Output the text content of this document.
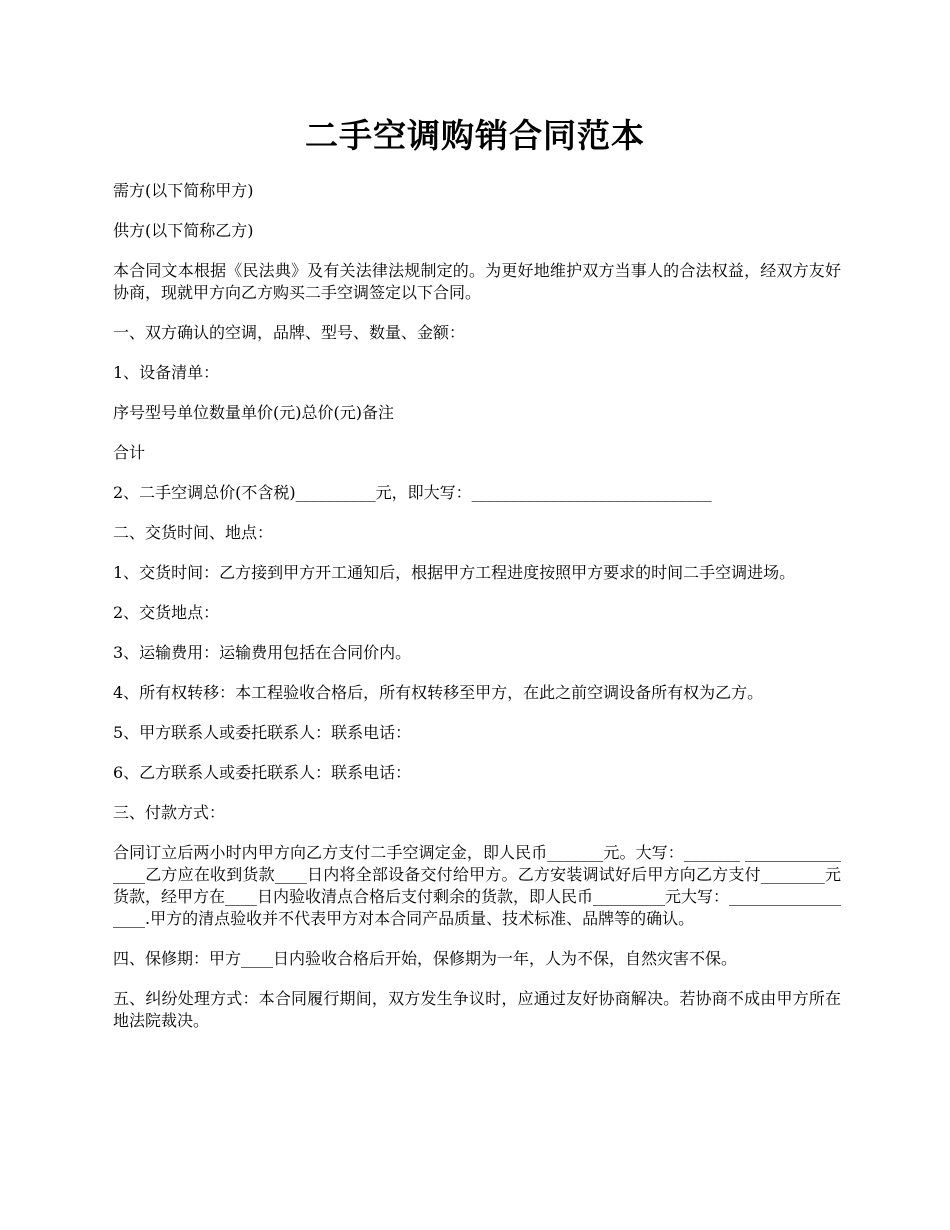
二手空调购销合同范本

需方(以下简称甲方)

供方(以下简称乙方)

本合同文本根据《民法典》及有关法律法规制定的。为更好地维护双方当事人的合法权益，经双方友好协商，现就甲方向乙方购买二手空调签定以下合同。

一、双方确认的空调，品牌、型号、数量、金额：

1、设备清单：

序号型号单位数量单价(元)总价(元)备注

合计

2、二手空调总价(不含税)__________元，即大写：______________________________

二、交货时间、地点：

1、交货时间：乙方接到甲方开工通知后，根据甲方工程进度按照甲方要求的时间二手空调进场。

2、交货地点：

3、运输费用：运输费用包括在合同价内。

4、所有权转移：本工程验收合格后，所有权转移至甲方，在此之前空调设备所有权为乙方。

5、甲方联系人或委托联系人：联系电话：

6、乙方联系人或委托联系人：联系电话：

三、付款方式：

合同订立后两小时内甲方向乙方支付二手空调定金，即人民币_______元。大写：_______ ________________乙方应在收到货款____日内将全部设备交付给甲方。乙方安装调试好后甲方向乙方支付________元货款，经甲方在____日内验收清点合格后支付剩余的货款，即人民币_________元大写：__________________.甲方的清点验收并不代表甲方对本合同产品质量、技术标准、品牌等的确认。

四、保修期：甲方____日内验收合格后开始，保修期为一年，人为不保，自然灾害不保。

五、纠纷处理方式：本合同履行期间，双方发生争议时，应通过友好协商解决。若协商不成由甲方所在地法院裁决。
